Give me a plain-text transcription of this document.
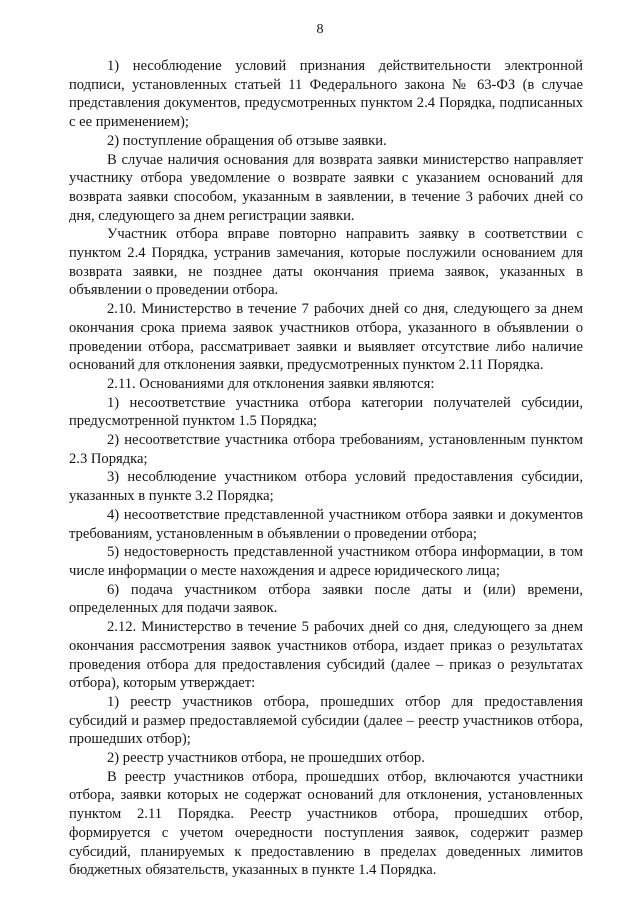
8

1) несоблюдение условий признания действительности электронной подписи, установленных статьей 11 Федерального закона № 63-ФЗ (в случае представления документов, предусмотренных пунктом 2.4 Порядка, подписанных с ее применением);

2) поступление обращения об отзыве заявки.

В случае наличия основания для возврата заявки министерство направляет участнику отбора уведомление о возврате заявки с указанием оснований для возврата заявки способом, указанным в заявлении, в течение 3 рабочих дней со дня, следующего за днем регистрации заявки.

Участник отбора вправе повторно направить заявку в соответствии с пунктом 2.4 Порядка, устранив замечания, которые послужили основанием для возврата заявки, не позднее даты окончания приема заявок, указанных в объявлении о проведении отбора.

2.10. Министерство в течение 7 рабочих дней со дня, следующего за днем окончания срока приема заявок участников отбора, указанного в объявлении о проведении отбора, рассматривает заявки и выявляет отсутствие либо наличие оснований для отклонения заявки, предусмотренных пунктом 2.11 Порядка.

2.11. Основаниями для отклонения заявки являются:

1) несоответствие участника отбора категории получателей субсидии, предусмотренной пунктом 1.5 Порядка;

2) несоответствие участника отбора требованиям, установленным пунктом 2.3 Порядка;

3) несоблюдение участником отбора условий предоставления субсидии, указанных в пункте 3.2 Порядка;

4) несоответствие представленной участником отбора заявки и документов требованиям, установленным в объявлении о проведении отбора;

5) недостоверность представленной участником отбора информации, в том числе информации о месте нахождения и адресе юридического лица;

6) подача участником отбора заявки после даты и (или) времени, определенных для подачи заявок.

2.12. Министерство в течение 5 рабочих дней со дня, следующего за днем окончания рассмотрения заявок участников отбора, издает приказ о результатах проведения отбора для предоставления субсидий (далее – приказ о результатах отбора), которым утверждает:

1) реестр участников отбора, прошедших отбор для предоставления субсидий и размер предоставляемой субсидии (далее – реестр участников отбора, прошедших отбор);

2) реестр участников отбора, не прошедших отбор.

В реестр участников отбора, прошедших отбор, включаются участники отбора, заявки которых не содержат оснований для отклонения, установленных пунктом 2.11 Порядка. Реестр участников отбора, прошедших отбор, формируется с учетом очередности поступления заявок, содержит размер субсидий, планируемых к предоставлению в пределах доведенных лимитов бюджетных обязательств, указанных в пункте 1.4 Порядка.
